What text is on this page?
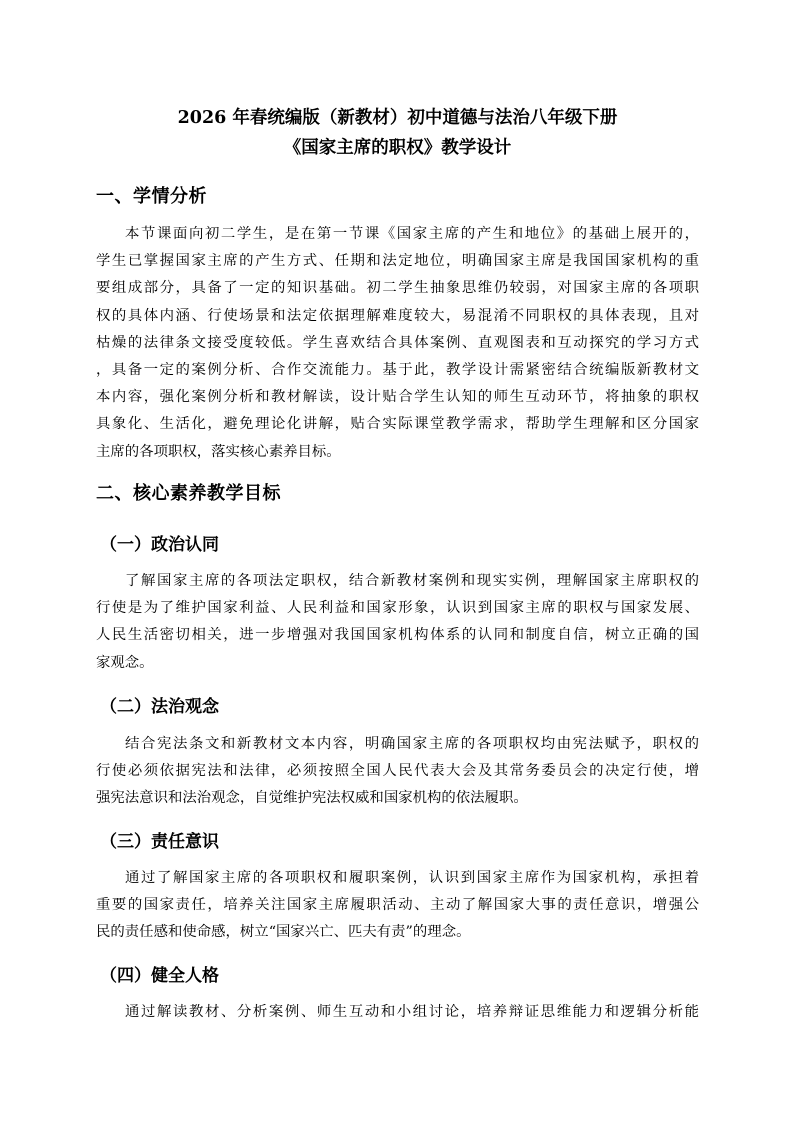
2026 年春统编版（新教材）初中道德与法治八年级下册
《国家主席的职权》教学设计
一、学情分析
本节课面向初二学生，是在第一节课《国家主席的产生和地位》的基础上展开的，
学生已掌握国家主席的产生方式、任期和法定地位，明确国家主席是我国国家机构的重
要组成部分，具备了一定的知识基础。初二学生抽象思维仍较弱，对国家主席的各项职
权的具体内涵、行使场景和法定依据理解难度较大，易混淆不同职权的具体表现，且对
枯燥的法律条文接受度较低。学生喜欢结合具体案例、直观图表和互动探究的学习方式
，具备一定的案例分析、合作交流能力。基于此，教学设计需紧密结合统编版新教材文
本内容，强化案例分析和教材解读，设计贴合学生认知的师生互动环节，将抽象的职权
具象化、生活化，避免理论化讲解，贴合实际课堂教学需求，帮助学生理解和区分国家
主席的各项职权，落实核心素养目标。
二、核心素养教学目标
（一）政治认同
了解国家主席的各项法定职权，结合新教材案例和现实实例，理解国家主席职权的
行使是为了维护国家利益、人民利益和国家形象，认识到国家主席的职权与国家发展、
人民生活密切相关，进一步增强对我国国家机构体系的认同和制度自信，树立正确的国
家观念。
（二）法治观念
结合宪法条文和新教材文本内容，明确国家主席的各项职权均由宪法赋予，职权的
行使必须依据宪法和法律，必须按照全国人民代表大会及其常务委员会的决定行使，增
强宪法意识和法治观念，自觉维护宪法权威和国家机构的依法履职。
（三）责任意识
通过了解国家主席的各项职权和履职案例，认识到国家主席作为国家机构，承担着
重要的国家责任，培养关注国家主席履职活动、主动了解国家大事的责任意识，增强公
民的责任感和使命感，树立“国家兴亡、匹夫有责”的理念。
（四）健全人格
通过解读教材、分析案例、师生互动和小组讨论，培养辩证思维能力和逻辑分析能
